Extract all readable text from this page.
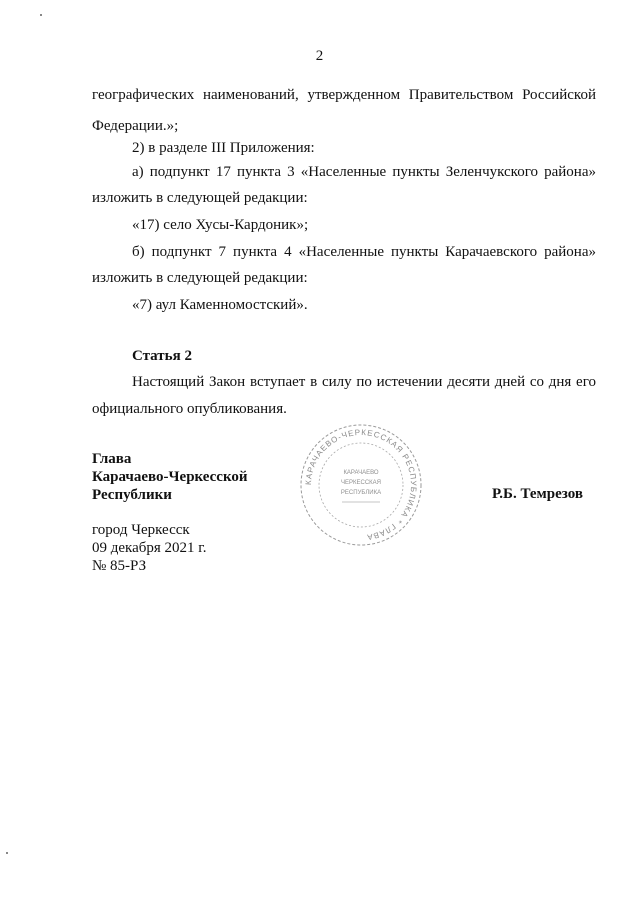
2

географических наименований, утвержденном Правительством Российской

Федерации.»;

2) в разделе III Приложения:

а) подпункт 17 пункта 3 «Населенные пункты Зеленчукского района»

изложить в следующей редакции:

«17) село Хусы-Кардоник»;

б) подпункт 7 пункта 4 «Населенные пункты Карачаевского района»

изложить в следующей редакции:

«7) аул Каменномостский».

Статья 2

Настоящий Закон вступает в силу по истечении десяти дней со дня его

официального опубликования.

Глава
Карачаево-Черкесской
Республики
КАРАЧАЕВО-ЧЕРКЕССКАЯ РЕСПУБЛИКА * ГЛАВА
КАРАЧАЕВО
ЧЕРКЕССКАЯ
РЕСПУБЛИКА	Р.Б. Темрезов
город Черкесск
09 декабря 2021 г.
№ 85-РЗ
